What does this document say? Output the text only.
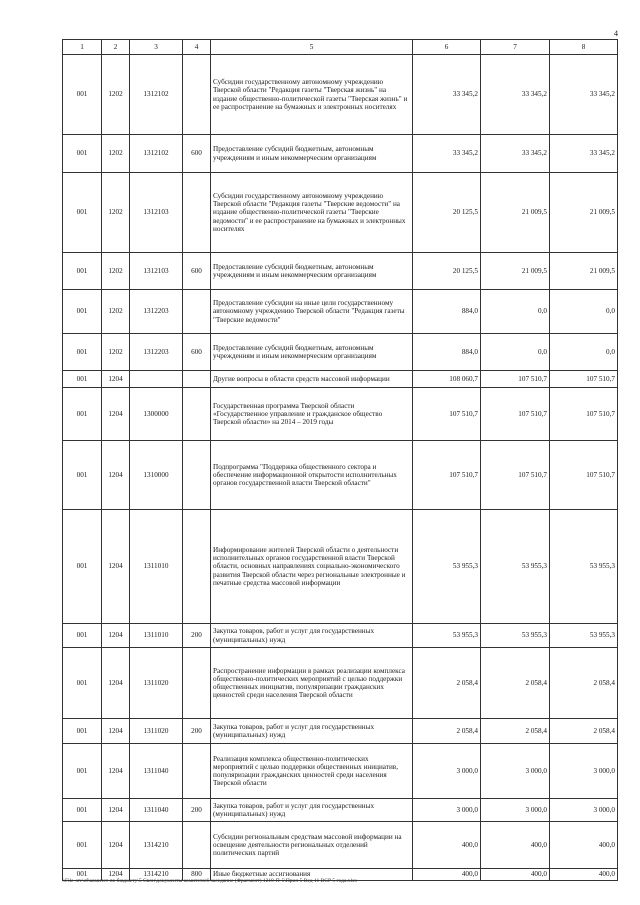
4
1	2	3	4	5	6	7	8
001	1202	1312102		Субсидии государственному автономному учреждению Тверской области "Редакция газеты "Тверская жизнь" на издание общественно-политической газеты "Тверская жизнь" и ее распространение на бумажных и электронных носителях	33 345,2	33 345,2	33 345,2
001	1202	1312102	600	Предоставление субсидий бюджетным, автономным учреждениям и иным некоммерческим организациям	33 345,2	33 345,2	33 345,2
001	1202	1312103		Субсидии государственному автономному учреждению Тверской области "Редакция газеты "Тверские ведомости" на издание общественно-политической газеты "Тверские ведомости" и ее распространение на бумажных и электронных носителях	20 125,5	21 009,5	21 009,5
001	1202	1312103	600	Предоставление субсидий бюджетным, автономным учреждениям и иным некоммерческим организациям	20 125,5	21 009,5	21 009,5
001	1202	1312203		Предоставление субсидии на иные цели государственному автономному учреждению Тверской области "Редакция газеты "Тверские ведомости"	884,0	0,0	0,0
001	1202	1312203	600	Предоставление субсидий бюджетным, автономным учреждениям и иным некоммерческим организациям	884,0	0,0	0,0
001	1204			Другие вопросы в области средств массовой информации	108 060,7	107 510,7	107 510,7
001	1204	1300000		Государственная программа Тверской области «Государственное управление и гражданское общество Тверской области» на 2014 – 2019 годы	107 510,7	107 510,7	107 510,7
001	1204	1310000		Подпрограмма "Поддержка общественного сектора и обеспечение информационной открытости исполнительных органов государственной власти Тверской области"	107 510,7	107 510,7	107 510,7
001	1204	1311010		Информирование жителей Тверской области о деятельности исполнительных органов государственной власти Тверской области, основных направлениях социально-экономического развития Тверской области через региональные электронные и печатные средства массовой информации	53 955,3	53 955,3	53 955,3
001	1204	1311010	200	Закупка товаров, работ и услуг для государственных (муниципальных) нужд	53 955,3	53 955,3	53 955,3
001	1204	1311020		Распространение информации в рамках реализации комплекса общественно-политических мероприятий с целью поддержки общественных инициатив, популяризации гражданских ценностей среди населения Тверской области	2 058,4	2 058,4	2 058,4
001	1204	1311020	200	Закупка товаров, работ и услуг для государственных (муниципальных) нужд	2 058,4	2 058,4	2 058,4
001	1204	1311040		Реализация комплекса общественно-политических мероприятий с целью поддержки общественных инициатив, популяризации гражданских ценностей среди населения Тверской области	3 000,0	3 000,0	3 000,0
001	1204	1311040	200	Закупка товаров, работ и услуг для государственных (муниципальных) нужд	3 000,0	3 000,0	3 000,0
001	1204	1314210		Субсидии региональным средствам массовой информации на освещение деятельности региональных отделений политических партий	400,0	400,0	400,0
001	1204	1314210	800	Иные бюджетные ассигнования	400,0	400,0	400,0
\\File-srv\cf\комитет по бюджету\5 Свои\документы комитета\6 заседание (Фрагмент) 1219-П-5\Прил 5 Вед 11 ВСР 5 года.xlsx
